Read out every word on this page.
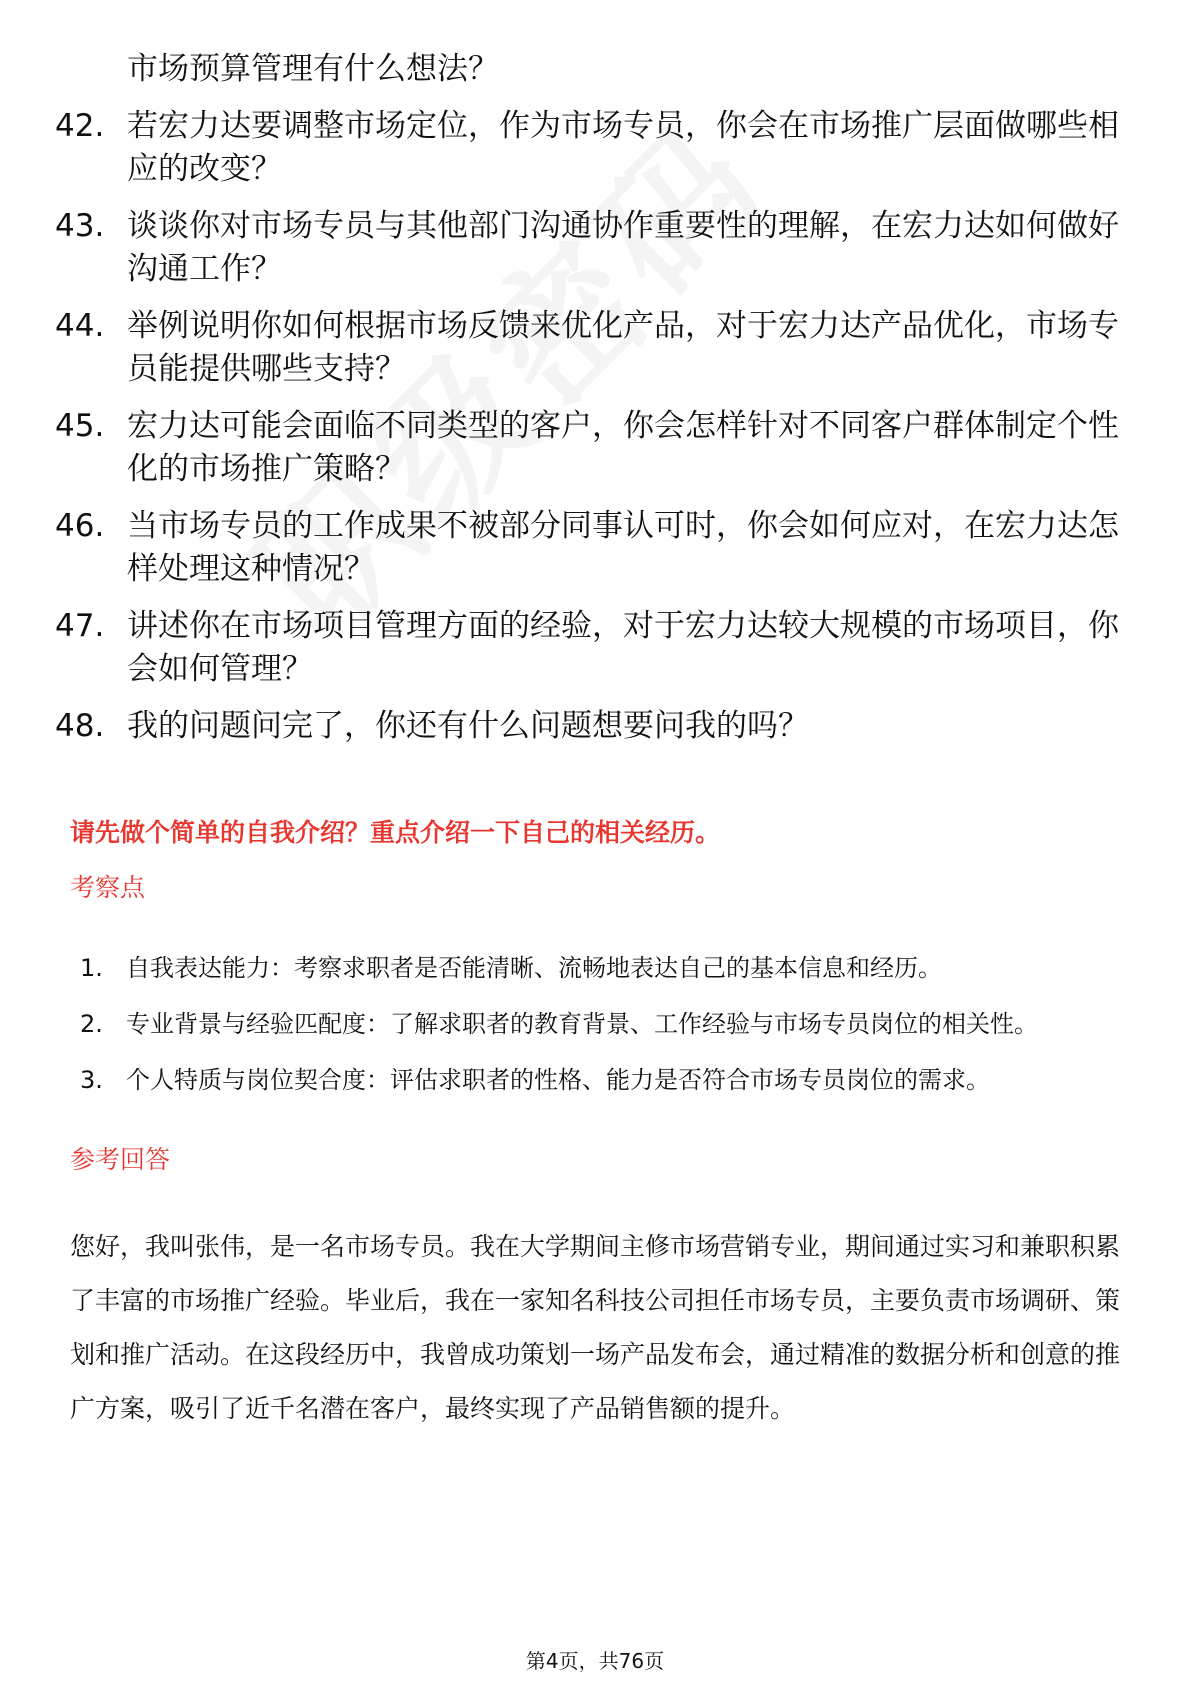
市场预算管理有什么想法？
42. 若宏力达要调整市场定位，作为市场专员，你会在市场推广层面做哪些相应的改变？
43. 谈谈你对市场专员与其他部门沟通协作重要性的理解，在宏力达如何做好沟通工作？
44. 举例说明你如何根据市场反馈来优化产品，对于宏力达产品优化，市场专员能提供哪些支持？
45. 宏力达可能会面临不同类型的客户，你会怎样针对不同客户群体制定个性化的市场推广策略？
46. 当市场专员的工作成果不被部分同事认可时，你会如何应对，在宏力达怎样处理这种情况？
47. 讲述你在市场项目管理方面的经验，对于宏力达较大规模的市场项目，你会如何管理？
48. 我的问题问完了，你还有什么问题想要问我的吗？
请先做个简单的自我介绍？重点介绍一下自己的相关经历。
考察点
1. 自我表达能力：考察求职者是否能清晰、流畅地表达自己的基本信息和经历。
2. 专业背景与经验匹配度：了解求职者的教育背景、工作经验与市场专员岗位的相关性。
3. 个人特质与岗位契合度：评估求职者的性格、能力是否符合市场专员岗位的需求。
参考回答
您好，我叫张伟，是一名市场专员。我在大学期间主修市场营销专业，期间通过实习和兼职积累了丰富的市场推广经验。毕业后，我在一家知名科技公司担任市场专员，主要负责市场调研、策划和推广活动。在这段经历中，我曾成功策划一场产品发布会，通过精准的数据分析和创意的推广方案，吸引了近千名潜在客户，最终实现了产品销售额的提升。
第4页，共76页
